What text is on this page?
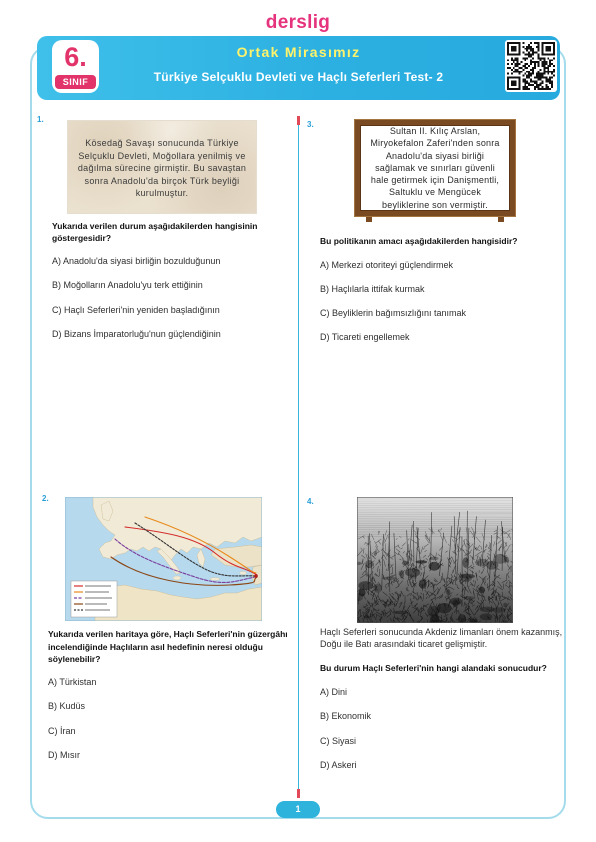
derslig
6.
SINIF
Ortak Mirasımız
Türkiye Selçuklu Devleti ve Haçlı Seferleri Test- 2
1.
Kösedağ Savaşı sonucunda Türkiye
Selçuklu Devleti, Moğollara yenilmiş ve
dağılma sürecine girmiştir. Bu savaştan
sonra Anadolu'da birçok Türk beyliği
kurulmuştur.
Yukarıda verilen durum aşağıdakilerden hangisinin
göstergesidir?
A) Anadolu'da siyasi birliğin bozulduğunun
B) Moğolların Anadolu'yu terk ettiğinin
C) Haçlı Seferleri'nin yeniden başladığının
D) Bizans İmparatorluğu'nun güçlendiğinin
3.
Sultan II. Kılıç Arslan,
Miryokefalon Zaferi'nden sonra
Anadolu'da siyasi birliği
sağlamak ve sınırları güvenli
hale getirmek için Danişmentli,
Saltuklu ve Mengücek
beyliklerine son vermiştir.
Bu politikanın amacı aşağıdakilerden hangisidir?
A) Merkezi otoriteyi güçlendirmek
B) Haçlılarla ittifak kurmak
C) Beyliklerin bağımsızlığını tanımak
D) Ticareti engellemek
2.
Yukarıda verilen haritaya göre, Haçlı Seferleri'nin güzergâhı
incelendiğinde Haçlıların asıl hedefinin neresi olduğu
söylenebilir?
A) Türkistan
B) Kudüs
C) İran
D) Mısır
4.
Haçlı Seferleri sonucunda Akdeniz limanları önem kazanmış,
Doğu ile Batı arasındaki ticaret gelişmiştir.
Bu durum Haçlı Seferleri'nin hangi alandaki sonucudur?
A) Dini
B) Ekonomik
C) Siyasi
D) Askeri
1
